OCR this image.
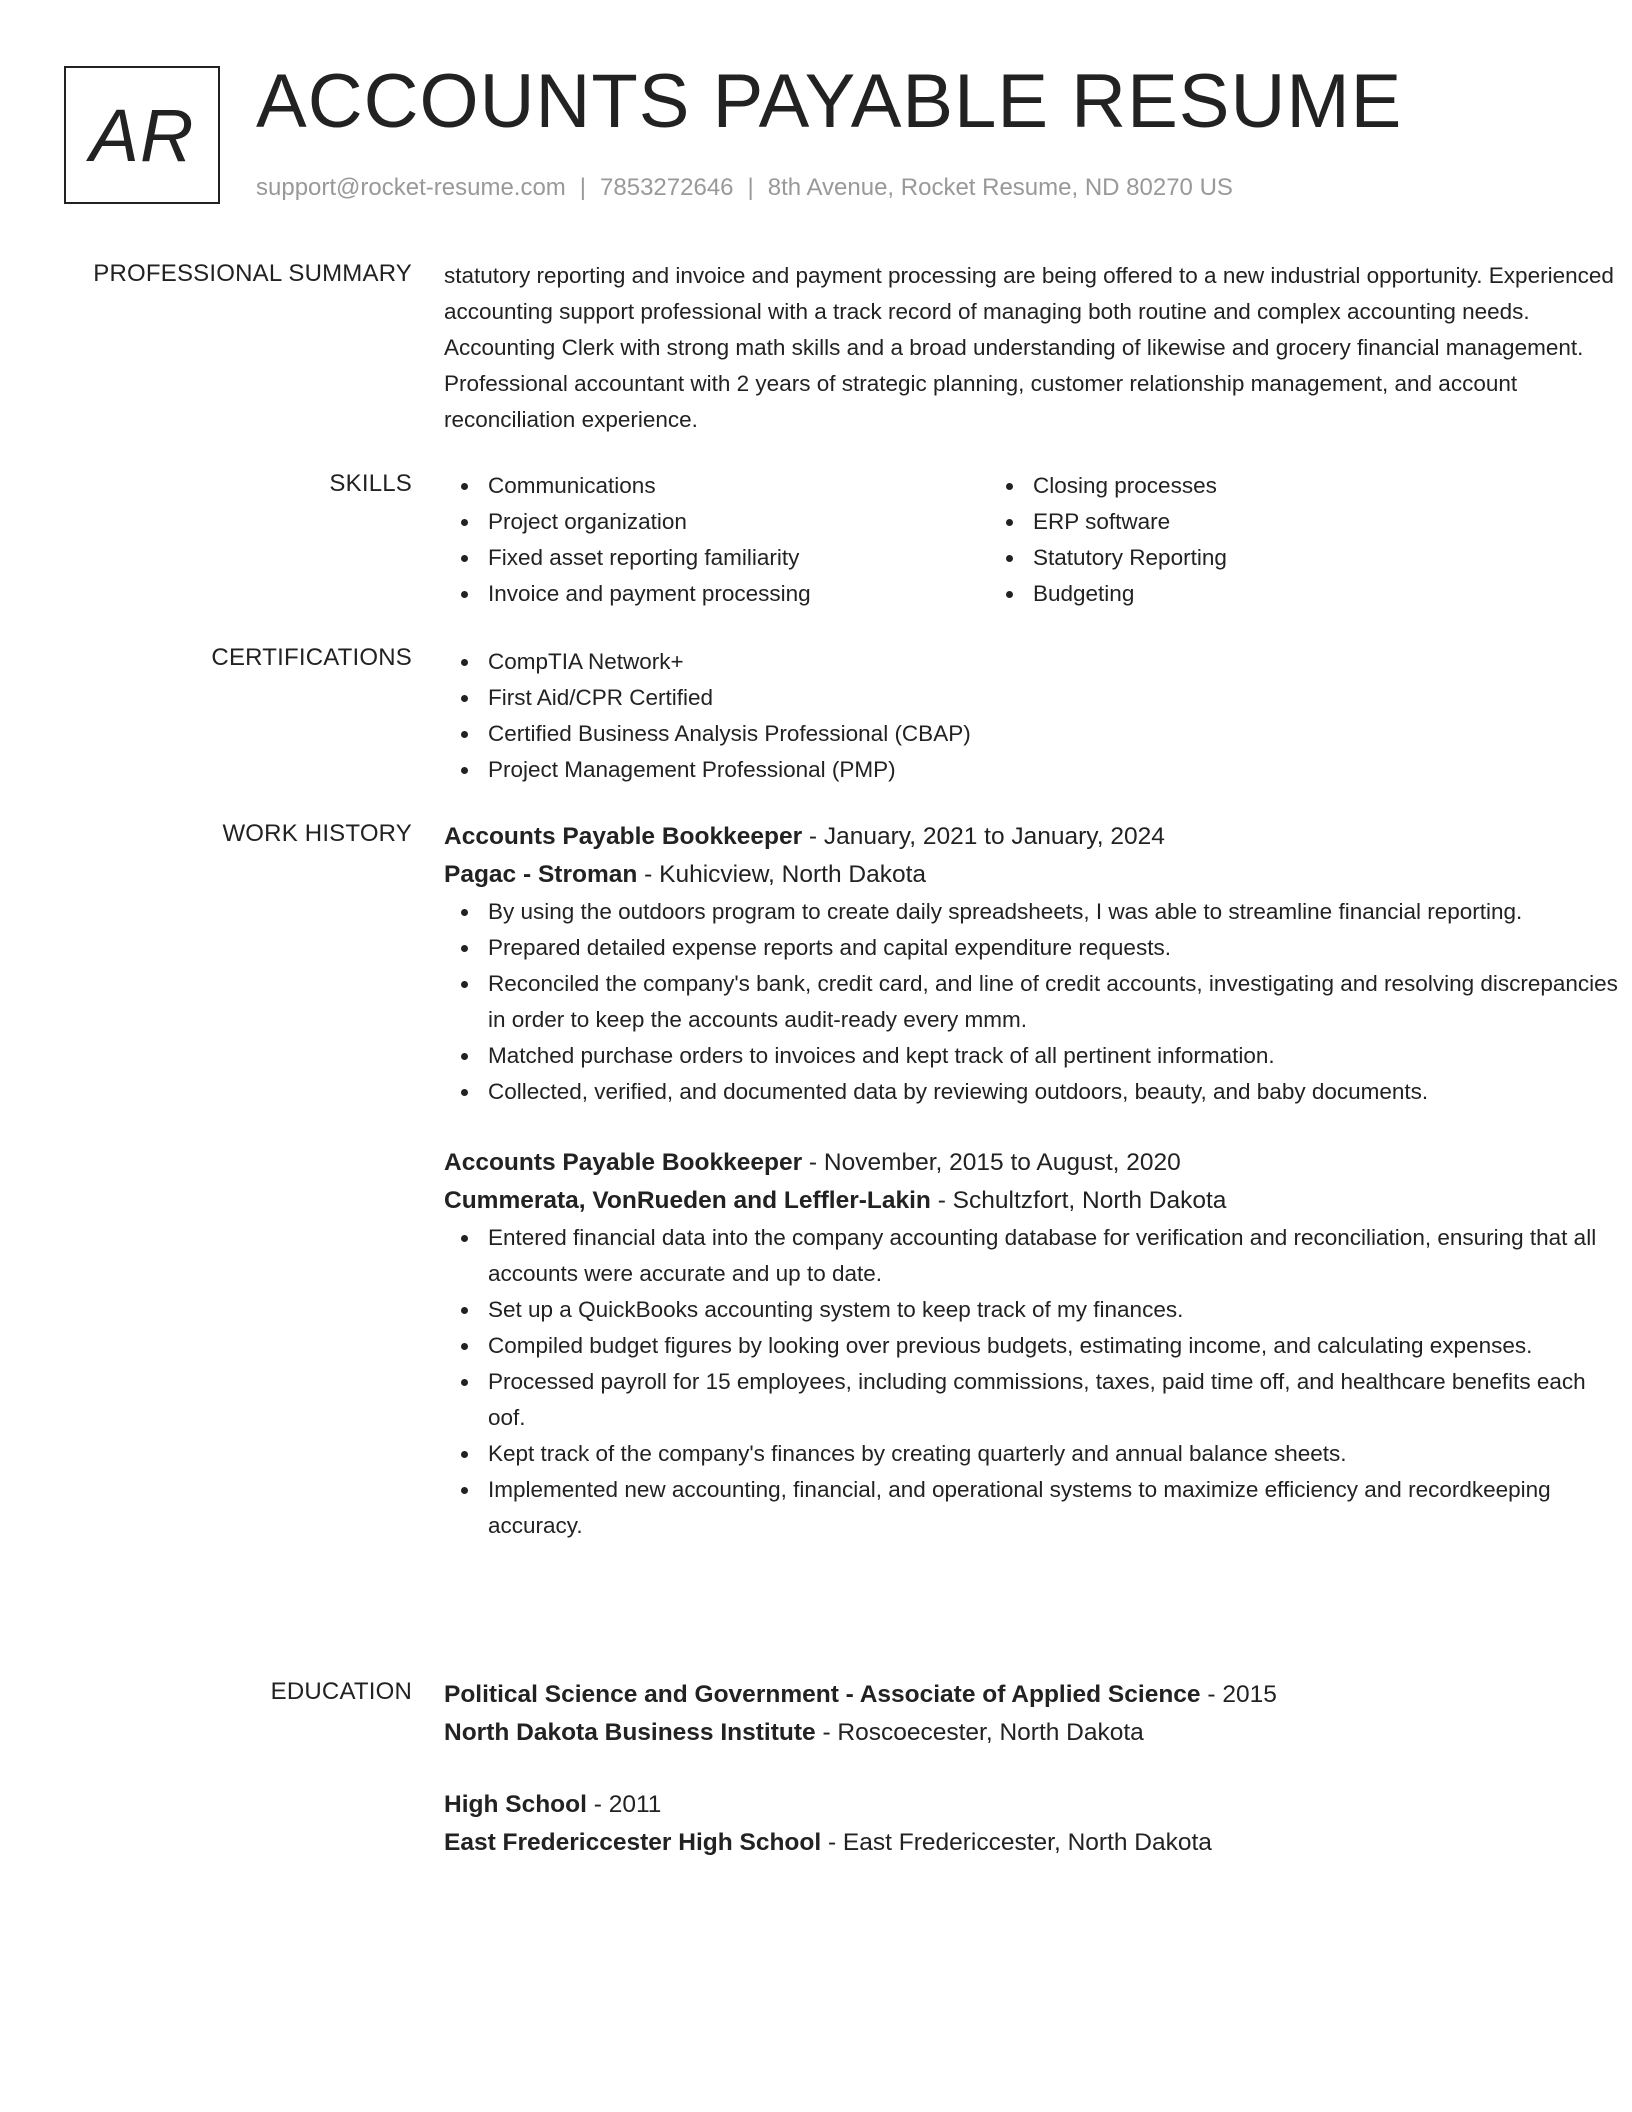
AR ACCOUNTS PAYABLE RESUME
support@rocket-resume.com | 7853272646 | 8th Avenue, Rocket Resume, ND 80270 US
PROFESSIONAL SUMMARY statutory reporting and invoice and payment processing are being offered to a new industrial opportunity. Experienced accounting support professional with a track record of managing both routine and complex accounting needs. Accounting Clerk with strong math skills and a broad understanding of likewise and grocery financial management. Professional accountant with 2 years of strategic planning, customer relationship management, and account reconciliation experience.

SKILLS	Communications
Project organization
Fixed asset reporting familiarity
Invoice and payment processing
Closing processes
ERP software
Statutory Reporting
Budgeting
CERTIFICATIONS	CompTIA Network+
First Aid/CPR Certified
Certified Business Analysis Professional (CBAP)
Project Management Professional (PMP)
WORK HISTORY Accounts Payable Bookkeeper - January, 2021 to January, 2024
Pagac - Stroman - Kuhicview, North Dakota
By using the outdoors program to create daily spreadsheets, I was able to streamline financial reporting.
Prepared detailed expense reports and capital expenditure requests.
Reconciled the company's bank, credit card, and line of credit accounts, investigating and resolving discrepancies in order to keep the accounts audit-ready every mmm.
Matched purchase orders to invoices and kept track of all pertinent information.
Collected, verified, and documented data by reviewing outdoors, beauty, and baby documents.
Accounts Payable Bookkeeper - November, 2015 to August, 2020
Cummerata, VonRueden and Leffler-Lakin - Schultzfort, North Dakota
Entered financial data into the company accounting database for verification and reconciliation, ensuring that all accounts were accurate and up to date.
Set up a QuickBooks accounting system to keep track of my finances.
Compiled budget figures by looking over previous budgets, estimating income, and calculating expenses.
Processed payroll for 15 employees, including commissions, taxes, paid time off, and healthcare benefits each oof.
Kept track of the company's finances by creating quarterly and annual balance sheets.
Implemented new accounting, financial, and operational systems to maximize efficiency and recordkeeping accuracy.
EDUCATION Political Science and Government - Associate of Applied Science - 2015
North Dakota Business Institute - Roscoecester, North Dakota
High School - 2011
East Fredericcester High School - East Fredericcester, North Dakota
